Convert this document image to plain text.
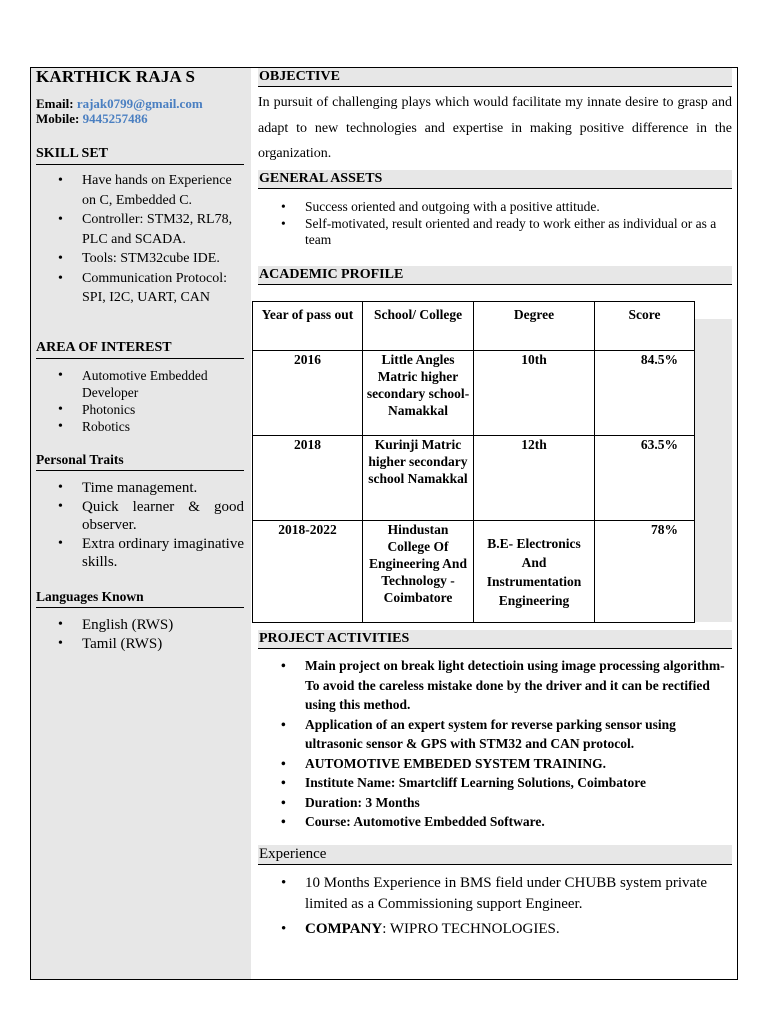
KARTHICK RAJA S
Email: rajak0799@gmail.com
Mobile: 9445257486
SKILL SET
• Have hands on Experience on C, Embedded C.
• Controller: STM32, RL78, PLC and SCADA.
• Tools: STM32cube IDE.
• Communication Protocol: SPI, I2C, UART, CAN
AREA OF INTEREST
• Automotive Embedded Developer
• Photonics
• Robotics
Personal Traits
• Time management.
• Quick learner & good observer.
• Extra ordinary imaginative skills.
Languages Known
• English (RWS)
• Tamil (RWS)
OBJECTIVE

In pursuit of challenging plays which would facilitate my innate desire to grasp and adapt to new technologies and expertise in making positive difference in the organization.

GENERAL ASSETS
• Success oriented and outgoing with a positive attitude.
• Self-motivated, result oriented and ready to work either as individual or as a team
ACADEMIC PROFILE
Year of pass out	School/ College	Degree	Score
2016	Little Angles Matric higher secondary school- Namakkal	10th	84.5%
2018	Kurinji Matric higher secondary school Namakkal	12th	63.5%
2018-2022	Hindustan College Of Engineering And Technology - Coimbatore	B.E- Electronics And Instrumentation Engineering	78%
PROJECT ACTIVITIES
• Main project on break light detectioin using image processing algorithm-To avoid the careless mistake done by the driver and it can be rectified using this method.
• Application of an expert system for reverse parking sensor using ultrasonic sensor & GPS with STM32 and CAN protocol.
• AUTOMOTIVE EMBEDED SYSTEM TRAINING.
• Institute Name: Smartcliff Learning Solutions, Coimbatore
• Duration: 3 Months
• Course: Automotive Embedded Software.
Experience
• 10 Months Experience in BMS field under CHUBB system private limited as a Commissioning support Engineer.
• COMPANY: WIPRO TECHNOLOGIES.
